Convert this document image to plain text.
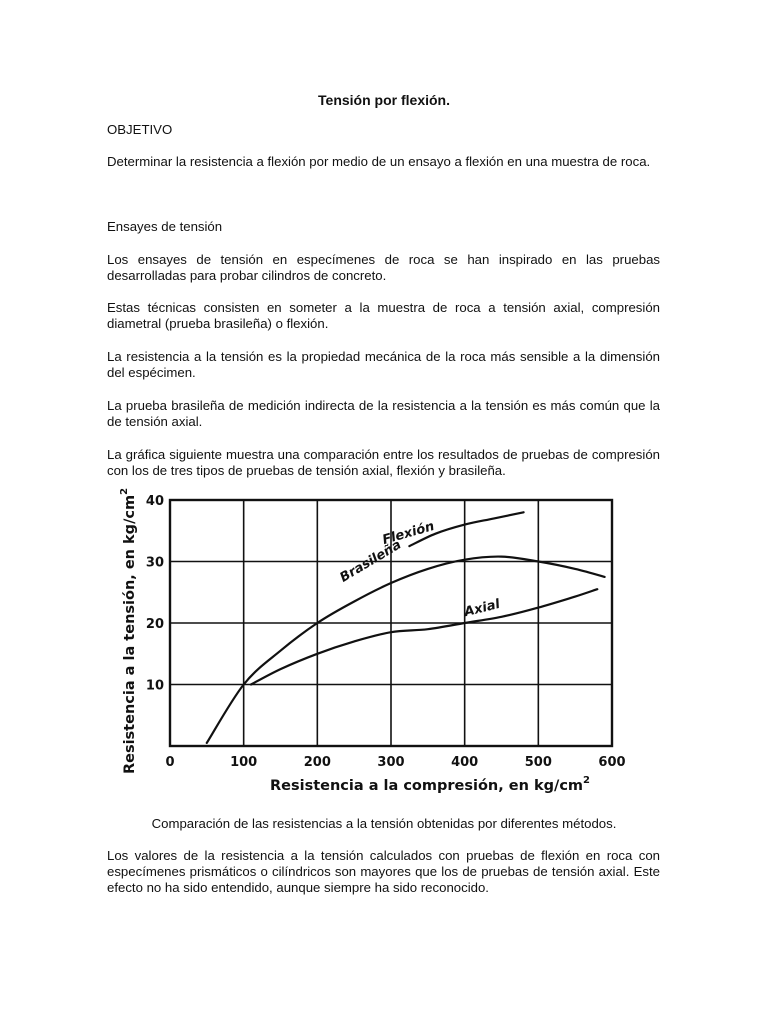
Tensión por flexión.

OBJETIVO

Determinar la resistencia a flexión por medio de un ensayo a flexión en una muestra de roca.

Ensayes de tensión

Los ensayes de tensión en especímenes de roca se han inspirado en las pruebas desarrolladas para probar cilindros de concreto.

Estas técnicas consisten en someter a la muestra de roca a tensión axial, compresión diametral (prueba brasileña) o flexión.

La resistencia a la tensión es la propiedad mecánica de la roca más sensible a la dimensión del espécimen.

La prueba brasileña de medición indirecta de la resistencia a la tensión es más común que la de tensión axial.

La gráfica siguiente muestra una comparación entre los resultados de pruebas de compresión con los de tres tipos de pruebas de tensión axial, flexión y brasileña.

Flexión
Brasileña
Axial
0	100	200	300	400	500	600
10
20
30
40
Resistencia a la tensión, en $kg/cm^2$
Resistencia a la compresión, en $kg/cm^2$
Comparación de las resistencias a la tensión obtenidas por diferentes métodos.

Los valores de la resistencia a la tensión calculados con pruebas de flexión en roca con especímenes prismáticos o cilíndricos son mayores que los de pruebas de tensión axial. Este efecto no ha sido entendido, aunque siempre ha sido reconocido.
